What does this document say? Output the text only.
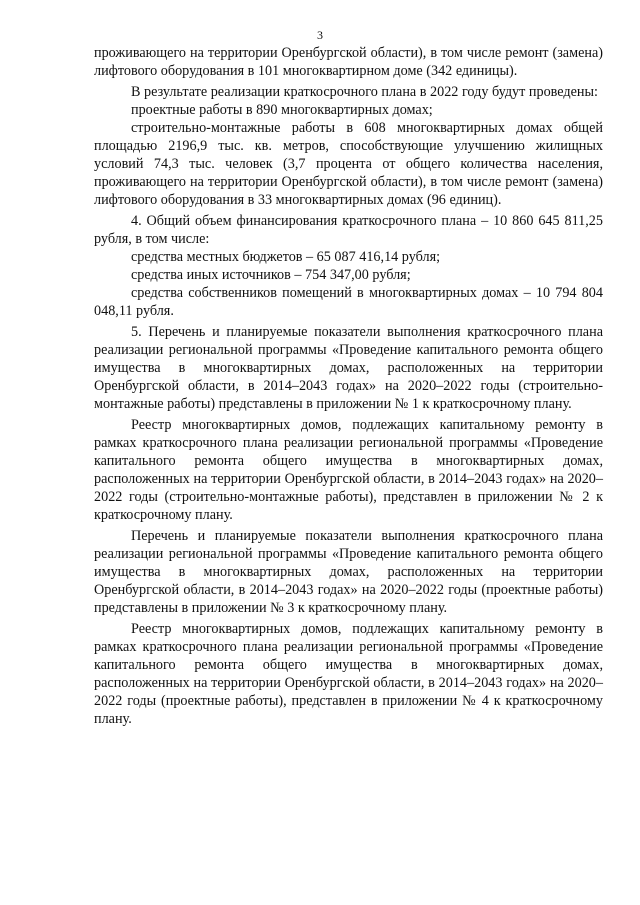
3

проживающего на территории Оренбургской области), в том числе ремонт (замена) лифтового оборудования в 101 многоквартирном доме (342 единицы).

В результате реализации краткосрочного плана в 2022 году будут проведены:

проектные работы в 890 многоквартирных домах;

строительно-монтажные работы в 608 многоквартирных домах общей площадью 2196,9 тыс. кв. метров, способствующие улучшению жилищных условий 74,3 тыс. человек (3,7 процента от общего количества населения, проживающего на территории Оренбургской области), в том числе ремонт (замена) лифтового оборудования в 33 многоквартирных домах (96 единиц).

4. Общий объем финансирования краткосрочного плана – 10 860 645 811,25 рубля, в том числе:

средства местных бюджетов – 65 087 416,14 рубля;

средства иных источников – 754 347,00 рубля;

средства собственников помещений в многоквартирных домах – 10 794 804 048,11 рубля.

5. Перечень и планируемые показатели выполнения краткосрочного плана реализации региональной программы «Проведение капитального ремонта общего имущества в многоквартирных домах, расположенных на территории Оренбургской области, в 2014–2043 годах» на 2020–2022 годы (строительно-монтажные работы) представлены в приложении № 1 к краткосрочному плану.

Реестр многоквартирных домов, подлежащих капитальному ремонту в рамках краткосрочного плана реализации региональной программы «Проведение капитального ремонта общего имущества в многоквартирных домах, расположенных на территории Оренбургской области, в 2014–2043 годах» на 2020–2022 годы (строительно-монтажные работы), представлен в приложении № 2 к краткосрочному плану.

Перечень и планируемые показатели выполнения краткосрочного плана реализации региональной программы «Проведение капитального ремонта общего имущества в многоквартирных домах, расположенных на территории Оренбургской области, в 2014–2043 годах» на 2020–2022 годы (проектные работы) представлены в приложении № 3 к краткосрочному плану.

Реестр многоквартирных домов, подлежащих капитальному ремонту в рамках краткосрочного плана реализации региональной программы «Проведение капитального ремонта общего имущества в многоквартирных домах, расположенных на территории Оренбургской области, в 2014–2043 годах» на 2020–2022 годы (проектные работы), представлен в приложении № 4 к краткосрочному плану.
